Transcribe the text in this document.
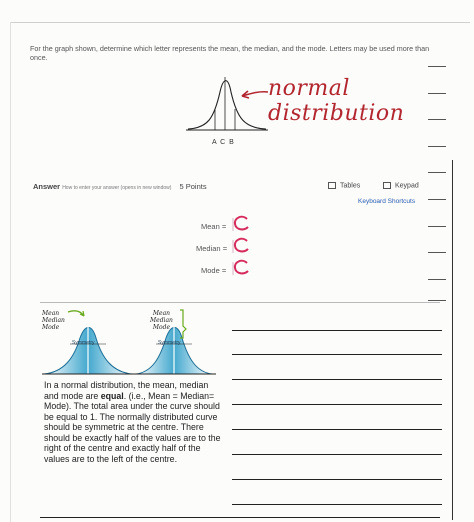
For the graph shown, determine which letter represents the mean, the median, and the mode. Letters may be used more than once.
normal distribution
A  C  B
Answer How to enter your answer (opens in new window) 5 Points	Tables	Keypad
Keyboard Shortcuts
Mean =
Median =
Mode =
Mean
Median
Mode
Mean
Median
Mode
Symmetry	Symmetry
In a normal distribution, the mean, median and mode are equal. (i.e., Mean = Median= Mode). The total area under the curve should be equal to 1. The normally distributed curve should be symmetric at the centre. There should be exactly half of the values are to the right of the centre and exactly half of the values are to the left of the centre.
